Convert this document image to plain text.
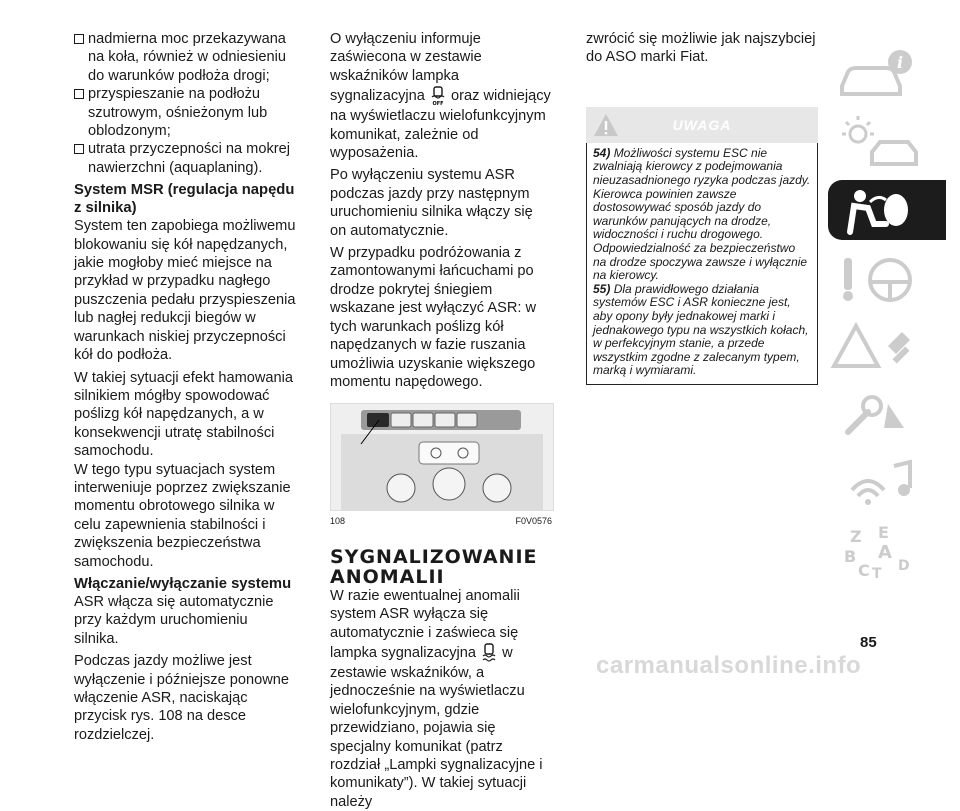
nadmierna moc przekazywana na koła, również w odniesieniu do warunków podłoża drogi;

przyspieszanie na podłożu szutrowym, ośnieżonym lub oblodzonym;

utrata przyczepności na mokrej nawierzchni (aquaplaning).

System MSR (regulacja napędu z silnika)

System ten zapobiega możliwemu blokowaniu się kół napędzanych, jakie mogłoby mieć miejsce na przykład w przypadku nagłego puszczenia pedału przyspieszenia lub nagłej redukcji biegów w warunkach niskiej przyczepności kół do podłoża.

W takiej sytuacji efekt hamowania silnikiem mógłby spowodować poślizg kół napędzanych, a w konsekwencji utratę stabilności samochodu.

W tego typu sytuacjach system interweniuje poprzez zwiększanie momentu obrotowego silnika w celu zapewnienia stabilności i zwiększenia bezpieczeństwa samochodu.

Włączanie/wyłączanie systemu

ASR włącza się automatycznie przy każdym uruchomieniu silnika.

Podczas jazdy możliwe jest wyłączenie i późniejsze ponowne włączenie ASR, naciskając przycisk rys. 108 na desce rozdzielczej.

O wyłączeniu informuje zaświecona w zestawie wskaźników lampka sygnalizacyjna
OFF
oraz widniejący na wyświetlaczu wielofunkcyjnym komunikat, zależnie od wyposażenia.

Po wyłączeniu systemu ASR podczas jazdy przy następnym uruchomieniu silnika włączy się on automatycznie.

W przypadku podróżowania z zamontowanymi łańcuchami po drodze pokrytej śniegiem wskazane jest wyłączyć ASR: w tych warunkach poślizg kół napędzanych w fazie ruszania umożliwia uzyskanie większego momentu napędowego.

108	F0V0576
SYGNALIZOWANIE ANOMALII

W razie ewentualnej anomalii system ASR wyłącza się automatycznie i zaświeca się lampka sygnalizacyjna w zestawie wskaźników, a jednocześnie na wyświetlaczu wielofunkcyjnym, gdzie przewidziano, pojawia się specjalny komunikat (patrz rozdział „Lampki sygnalizacyjne i komunikaty”). W takiej sytuacji należy

zwrócić się możliwie jak najszybciej do ASO marki Fiat.

UWAGA

54) Możliwości systemu ESC nie zwalniają kierowcy z podejmowania nieuzasadnionego ryzyka podczas jazdy. Kierowca powinien zawsze dostosowywać sposób jazdy do warunków panujących na drodze, widoczności i ruchu drogowego. Odpowiedzialność za bezpieczeństwo na drodze spoczywa zawsze i wyłącznie na kierowcy.

55) Dla prawidłowego działania systemów ESC i ASR konieczne jest, aby opony były jednakowej marki i jednakowego typu na wszystkich kołach, w perfekcyjnym stanie, a przede wszystkim zgodne z zalecanym typem, marką i wymiarami.

i
Z E
B A
C D
T
85
carmanualsonline.info
